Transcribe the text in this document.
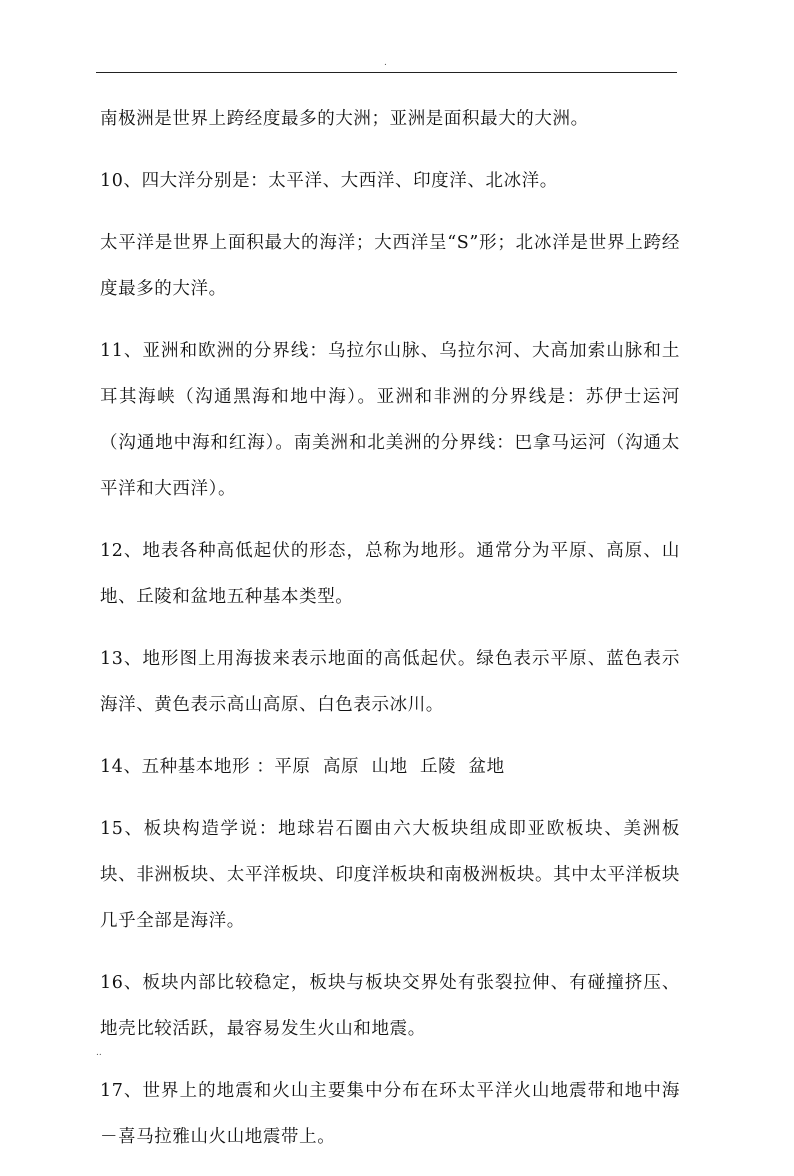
.

南极洲是世界上跨经度最多的大洲；亚洲是面积最大的大洲。

10、四大洋分别是：太平洋、大西洋、印度洋、北冰洋。

太平洋是世界上面积最大的海洋；大西洋呈“S”形；北冰洋是世界上跨经度最多的大洋。

11、亚洲和欧洲的分界线：乌拉尔山脉、乌拉尔河、大高加索山脉和土耳其海峡（沟通黑海和地中海）。亚洲和非洲的分界线是：苏伊士运河（沟通地中海和红海）。南美洲和北美洲的分界线：巴拿马运河（沟通太平洋和大西洋）。

12、地表各种高低起伏的形态，总称为地形。通常分为平原、高原、山地、丘陵和盆地五种基本类型。

13、地形图上用海拔来表示地面的高低起伏。绿色表示平原、蓝色表示海洋、黄色表示高山高原、白色表示冰川。

14、五种基本地形 ：平原  高原  山地  丘陵  盆地

15、板块构造学说：地球岩石圈由六大板块组成即亚欧板块、美洲板块、非洲板块、太平洋板块、印度洋板块和南极洲板块。其中太平洋板块几乎全部是海洋。

16、板块内部比较稳定，板块与板块交界处有张裂拉伸、有碰撞挤压、地壳比较活跃，最容易发生火山和地震。

17、世界上的地震和火山主要集中分布在环太平洋火山地震带和地中海－喜马拉雅山火山地震带上。

..
